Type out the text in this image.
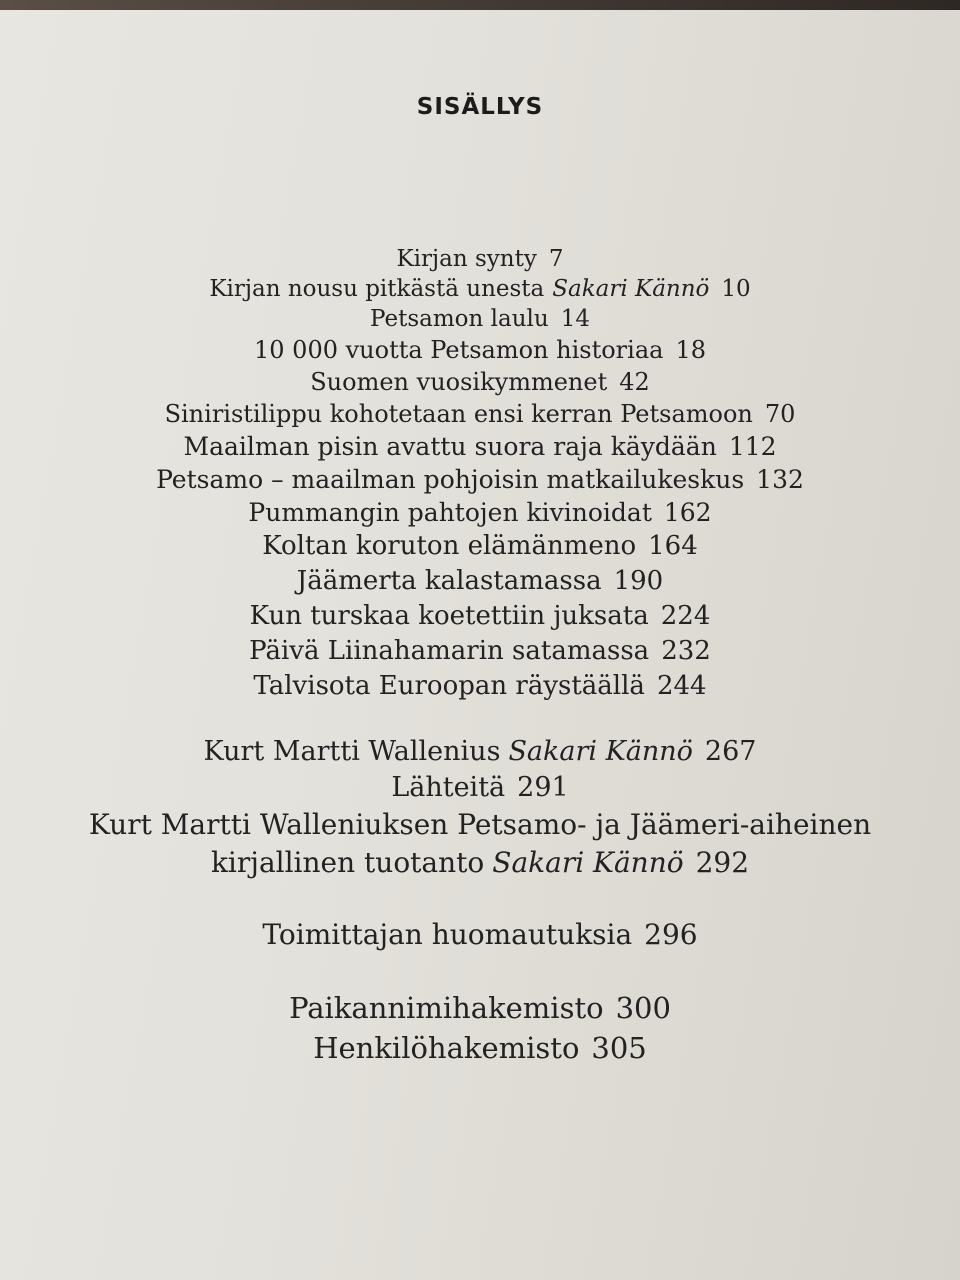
SISÄLLYS
Kirjan synty 7
Kirjan nousu pitkästä unesta Sakari Kännö 10
Petsamon laulu 14
10 000 vuotta Petsamon historiaa 18
Suomen vuosikymmenet 42
Siniristilippu kohotetaan ensi kerran Petsamoon 70
Maailman pisin avattu suora raja käydään 112
Petsamo – maailman pohjoisin matkailukeskus 132
Pummangin pahtojen kivinoidat 162
Koltan koruton elämänmeno 164
Jäämerta kalastamassa 190
Kun turskaa koetettiin juksata 224
Päivä Liinahamarin satamassa 232
Talvisota Euroopan räystäällä 244
Kurt Martti Wallenius Sakari Kännö 267
Lähteitä 291
Kurt Martti Walleniuksen Petsamo- ja Jäämeri-aiheinen
kirjallinen tuotanto Sakari Kännö 292
Toimittajan huomautuksia 296
Paikannimihakemisto 300
Henkilöhakemisto 305
